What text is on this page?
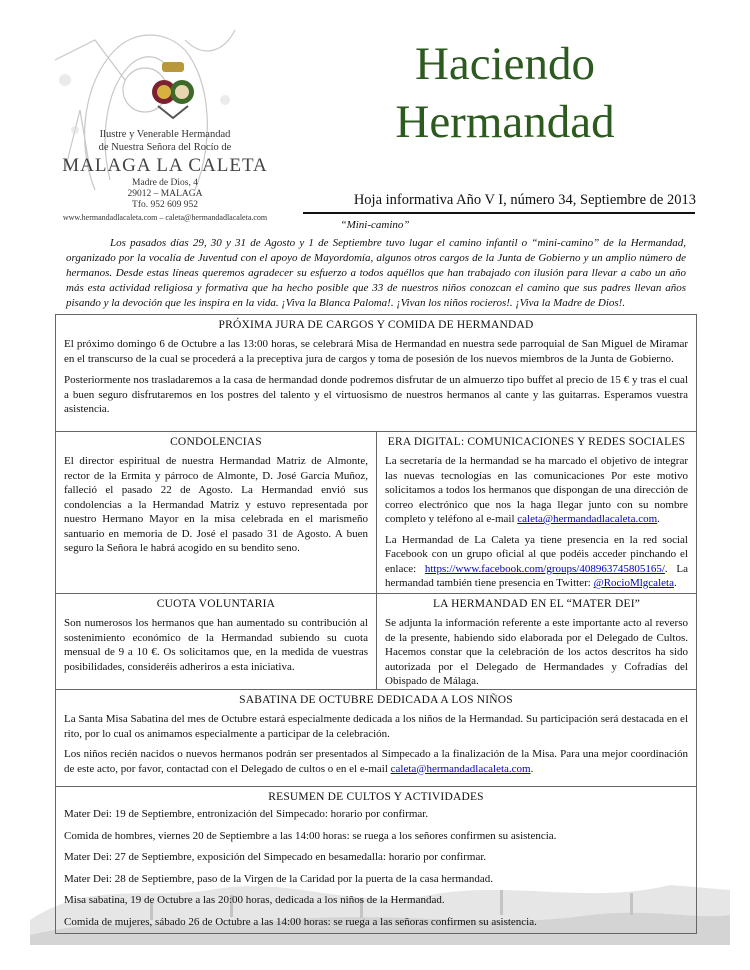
Ilustre y Venerable Hermandad
de Nuestra Señora del Rocío de
MALAGA LA CALETA
Madre de Dios, 4
29012 – MALAGA
Tfo. 952 609 952
www.hermandadlacaleta.com – caleta@hermandadlacaleta.com
Haciendo
Hermandad
Hoja informativa Año V I, número 34, Septiembre de 2013
“Mini-camino”

Los pasados días 29, 30 y 31 de Agosto y 1 de Septiembre tuvo lugar el camino infantil o “mini-camino” de la Hermandad, organizado por la vocalía de Juventud con el apoyo de Mayordomía, algunos otros cargos de la Junta de Gobierno y un amplio número de hermanos. Desde estas líneas queremos agradecer su esfuerzo a todos aquéllos que han trabajado con ilusión para llevar a cabo un año más esta actividad religiosa y formativa que ha hecho posible que 33 de nuestros niños conozcan el camino que sus padres llevan años pisando y la devoción que les inspira en la vida. ¡Viva la Blanca Paloma!. ¡Vivan los niños rocieros!. ¡Viva la Madre de Dios!.

PRÓXIMA JURA DE CARGOS Y COMIDA DE HERMANDAD

El próximo domingo 6 de Octubre a las 13:00 horas, se celebrará Misa de Hermandad en nuestra sede parroquial de San Miguel de Miramar en el transcurso de la cual se procederá a la preceptiva jura de cargos y toma de posesión de los nuevos miembros de la Junta de Gobierno.

Posteriormente nos trasladaremos a la casa de hermandad donde podremos disfrutar de un almuerzo tipo buffet al precio de 15 € y tras el cual a buen seguro disfrutaremos en los postres del talento y el virtuosismo de nuestros hermanos al cante y las guitarras. Esperamos vuestra asistencia.

CONDOLENCIAS

El director espiritual de nuestra Hermandad Matriz de Almonte, rector de la Ermita y párroco de Almonte, D. José García Muñoz, falleció el pasado 22 de Agosto. La Hermandad envió sus condolencias a la Hermandad Matriz y estuvo representada por nuestro Hermano Mayor en la misa celebrada en el marismeño santuario en memoria de D. José el pasado 31 de Agosto. A buen seguro la Señora le habrá acogido en su bendito seno.

ERA DIGITAL: COMUNICACIONES Y REDES SOCIALES

La secretaría de la hermandad se ha marcado el objetivo de integrar las nuevas tecnologías en las comunicaciones Por este motivo solicitamos a todos los hermanos que dispongan de una dirección de correo electrónico que nos la haga llegar junto con su nombre completo y teléfono al e-mail caleta@hermandadlacaleta.com.

La Hermandad de La Caleta ya tiene presencia en la red social Facebook con un grupo oficial al que podéis acceder pinchando el enlace: https://www.facebook.com/groups/408963745805165/. La hermandad también tiene presencia en Twitter: @RocioMlgcaleta.

CUOTA VOLUNTARIA

Son numerosos los hermanos que han aumentado su contribución al sostenimiento económico de la Hermandad subiendo su cuota mensual de 9 a 10 €. Os solicitamos que, en la medida de vuestras posibilidades, consideréis adheriros a esta iniciativa.

LA HERMANDAD EN EL “MATER DEI”

Se adjunta la información referente a este importante acto al reverso de la presente, habiendo sido elaborada por el Delegado de Cultos. Hacemos constar que la celebración de los actos descritos ha sido autorizada por el Delegado de Hermandades y Cofradías del Obispado de Málaga.

SABATINA DE OCTUBRE DEDICADA A LOS NIÑOS

La Santa Misa Sabatina del mes de Octubre estará especialmente dedicada a los niños de la Hermandad. Su participación será destacada en el rito, por lo cual os animamos especialmente a participar de la celebración.

Los niños recién nacidos o nuevos hermanos podrán ser presentados al Simpecado a la finalización de la Misa. Para una mejor coordinación de este acto, por favor, contactad con el Delegado de cultos o en el e-mail caleta@hermandadlacaleta.com.

RESUMEN DE CULTOS Y ACTIVIDADES

Mater Dei: 19 de Septiembre, entronización del Simpecado: horario por confirmar.

Comida de hombres, viernes 20 de Septiembre a las 14:00 horas: se ruega a los señores confirmen su asistencia.

Mater Dei: 27 de Septiembre, exposición del Simpecado en besamedalla: horario por confirmar.

Mater Dei: 28 de Septiembre, paso de la Virgen de la Caridad por la puerta de la casa hermandad.

Misa sabatina, 19 de Octubre a las 20:00 horas, dedicada a los niños de la Hermandad.

Comida de mujeres, sábado 26 de Octubre a las 14:00 horas: se ruega a las señoras confirmen su asistencia.
